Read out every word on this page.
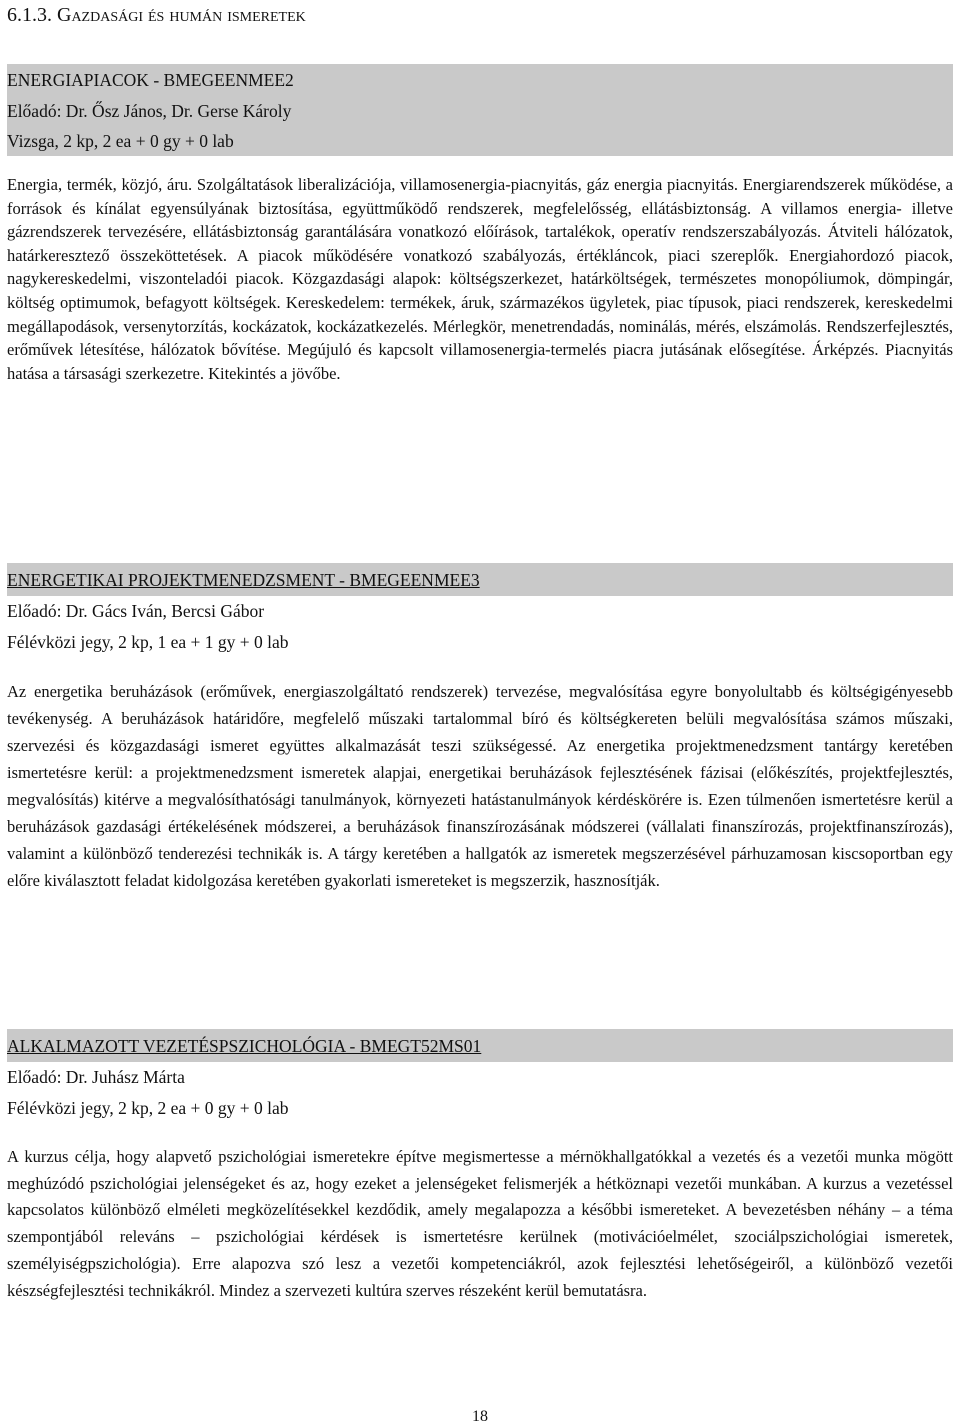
6.1.3. Gazdasági és humán ismeretek
ENERGIAPIACOK - BMEGEENMEE2
Előadó: Dr. Ősz János, Dr. Gerse Károly
Vizsga, 2 kp, 2 ea + 0 gy + 0 lab

Energia, termék, közjó, áru. Szolgáltatások liberalizációja, villamosenergia-piacnyitás, gáz energia piacnyitás. Energiarendszerek működése, a források és kínálat egyensúlyának biztosítása, együttműködő rendszerek, megfelelősség, ellátásbiztonság. A villamos energia- illetve gázrendszerek tervezésére, ellátásbiztonság garantálására vonatkozó előírások, tartalékok, operatív rendszerszabályozás. Átviteli hálózatok, határkeresztező összeköttetések. A piacok működésére vonatkozó szabályozás, értékláncok, piaci szereplők. Energiahordozó piacok, nagykereskedelmi, viszonteladói piacok. Közgazdasági alapok: költségszerkezet, határköltségek, természetes monopóliumok, dömpingár, költség optimumok, befagyott költségek. Kereskedelem: termékek, áruk, származékos ügyletek, piac típusok, piaci rendszerek, kereskedelmi megállapodások, versenytorzítás, kockázatok, kockázatkezelés. Mérlegkör, menetrendadás, nominálás, mérés, elszámolás. Rendszerfejlesztés, erőművek létesítése, hálózatok bővítése. Megújuló és kapcsolt villamosenergia-termelés piacra jutásának elősegítése. Árképzés. Piacnyitás hatása a társasági szerkezetre. Kitekintés a jövőbe.

ENERGETIKAI PROJEKTMENEDZSMENT - BMEGEENMEE3
Előadó: Dr. Gács Iván, Bercsi Gábor
Félévközi jegy, 2 kp, 1 ea + 1 gy + 0 lab

Az energetika beruházások (erőművek, energiaszolgáltató rendszerek) tervezése, megvalósítása egyre bonyolultabb és költségigényesebb tevékenység. A beruházások határidőre, megfelelő műszaki tartalommal bíró és költségkereten belüli megvalósítása számos műszaki, szervezési és közgazdasági ismeret együttes alkalmazását teszi szükségessé. Az energetika projektmenedzsment tantárgy keretében ismertetésre kerül: a projektmenedzsment ismeretek alapjai, energetikai beruházások fejlesztésének fázisai (előkészítés, projektfejlesztés, megvalósítás) kitérve a megvalósíthatósági tanulmányok, környezeti hatástanulmányok kérdéskörére is. Ezen túlmenően ismertetésre kerül a beruházások gazdasági értékelésének módszerei, a beruházások finanszírozásának módszerei (vállalati finanszírozás, projektfinanszírozás), valamint a különböző tenderezési technikák is. A tárgy keretében a hallgatók az ismeretek megszerzésével párhuzamosan kiscsoportban egy előre kiválasztott feladat kidolgozása keretében gyakorlati ismereteket is megszerzik, hasznosítják.

ALKALMAZOTT VEZETÉSPSZICHOLÓGIA - BMEGT52MS01
Előadó: Dr. Juhász Márta
Félévközi jegy, 2 kp, 2 ea + 0 gy + 0 lab

A kurzus célja, hogy alapvető pszichológiai ismeretekre építve megismertesse a mérnökhallgatókkal a vezetés és a vezetői munka mögött meghúzódó pszichológiai jelenségeket és az, hogy ezeket a jelenségeket felismerjék a hétköznapi vezetői munkában. A kurzus a vezetéssel kapcsolatos különböző elméleti megközelítésekkel kezdődik, amely megalapozza a későbbi ismereteket. A bevezetésben néhány – a téma szempontjából releváns – pszichológiai kérdések is ismertetésre kerülnek (motivációelmélet, szociálpszichológiai ismeretek, személyiségpszichológia). Erre alapozva szó lesz a vezetői kompetenciákról, azok fejlesztési lehetőségeiről, a különböző vezetői készségfejlesztési technikákról. Mindez a szervezeti kultúra szerves részeként kerül bemutatásra.

18
